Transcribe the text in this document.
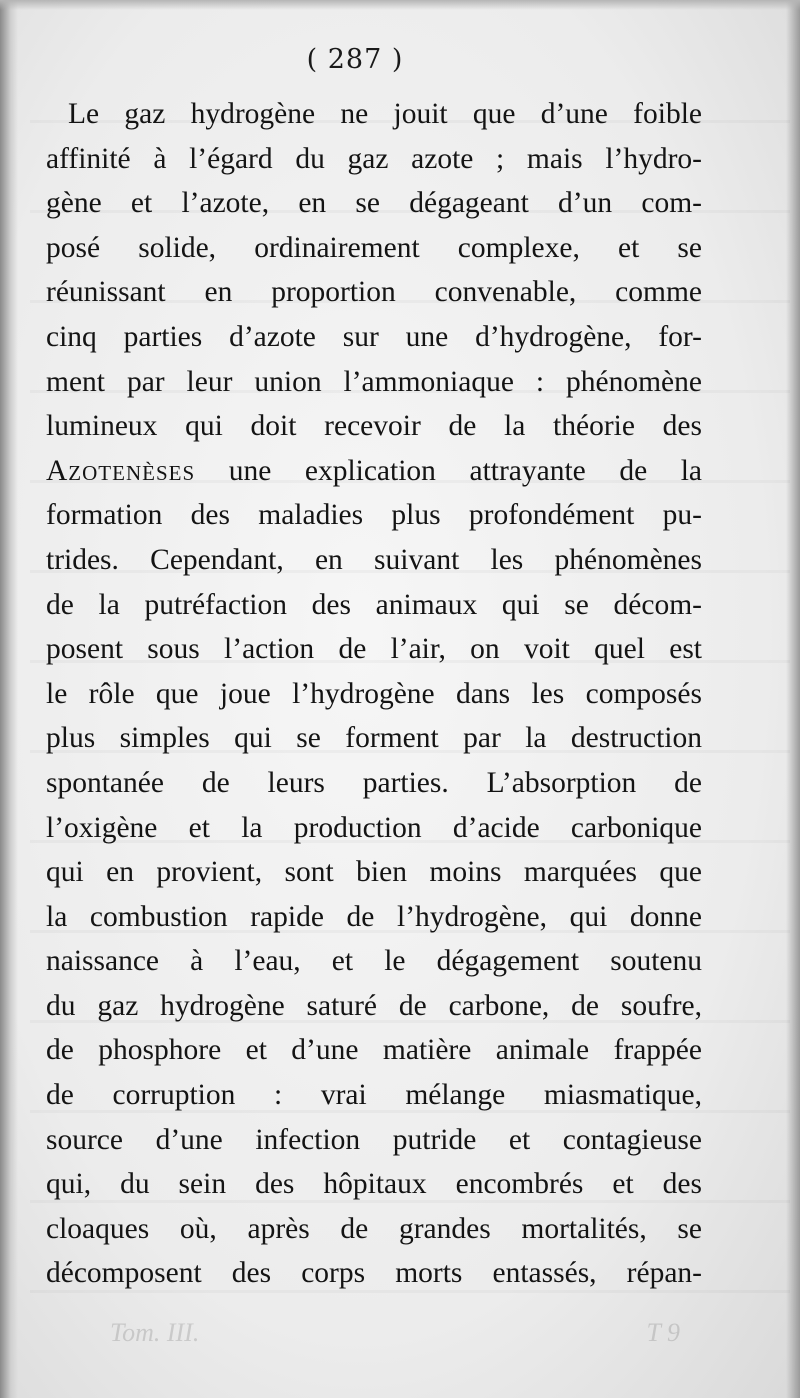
( 287 )
Le gaz hydrogène ne jouit que d’une foible
affinité à l’égard du gaz azote ; mais l’hydro-
gène et l’azote, en se dégageant d’un com-
posé solide, ordinairement complexe, et se
réunissant en proportion convenable, comme
cinq parties d’azote sur une d’hydrogène, for-
ment par leur union l’ammoniaque : phénomène
lumineux qui doit recevoir de la théorie des
Azotenèses une explication attrayante de la
formation des maladies plus profondément pu-
trides. Cependant, en suivant les phénomènes
de la putréfaction des animaux qui se décom-
posent sous l’action de l’air, on voit quel est
le rôle que joue l’hydrogène dans les composés
plus simples qui se forment par la destruction
spontanée de leurs parties. L’absorption de
l’oxigène et la production d’acide carbonique
qui en provient, sont bien moins marquées que
la combustion rapide de l’hydrogène, qui donne
naissance à l’eau, et le dégagement soutenu
du gaz hydrogène saturé de carbone, de soufre,
de phosphore et d’une matière animale frappée
de corruption : vrai mélange miasmatique,
source d’une infection putride et contagieuse
qui, du sein des hôpitaux encombrés et des
cloaques où, après de grandes mortalités, se
décomposent des corps morts entassés, répan-
Tom. III.	T 9
